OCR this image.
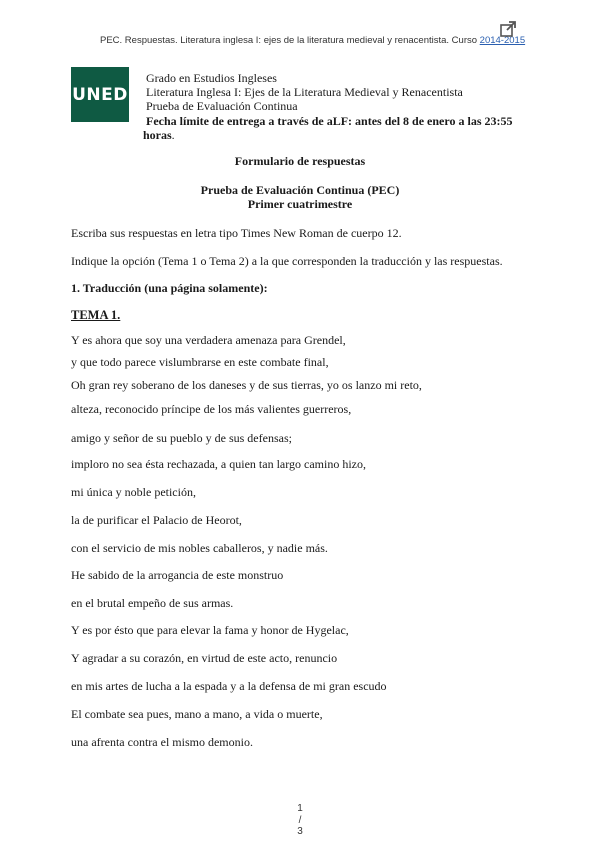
PEC. Respuestas. Literatura inglesa I: ejes de la literatura medieval y renacentista. Curso 2014-2015
UNED
Grado en Estudios Ingleses
Literatura Inglesa I: Ejes de la Literatura Medieval y Renacentista
Prueba de Evaluación Continua
Fecha límite de entrega a través de aLF: antes del 8 de enero a las 23:55
horas.
Formulario de respuestas
Prueba de Evaluación Continua (PEC)
Primer cuatrimestre
Escriba sus respuestas en letra tipo Times New Roman de cuerpo 12.
Indique la opción (Tema 1 o Tema 2) a la que corresponden la traducción y las respuestas.
1. Traducción (una página solamente):
TEMA 1.
Y es ahora que soy una verdadera amenaza para Grendel,
y que todo parece vislumbrarse en este combate final,
Oh gran rey soberano de los daneses y de sus tierras, yo os lanzo mi reto,
alteza, reconocido príncipe de los más valientes guerreros,
amigo y señor de su pueblo y de sus defensas;
imploro no sea ésta rechazada, a quien tan largo camino hizo,
mi única y noble petición,
la de purificar el Palacio de Heorot,
con el servicio de mis nobles caballeros, y nadie más.
He sabido de la arrogancia de este monstruo
en el brutal empeño de sus armas.
Y es por ésto que para elevar la fama y honor de Hygelac,
Y agradar a su corazón, en virtud de este acto, renuncio
en mis artes de lucha a la espada y a la defensa de mi gran escudo
El combate sea pues, mano a mano, a vida o muerte,
una afrenta contra el mismo demonio.
1
/
3
